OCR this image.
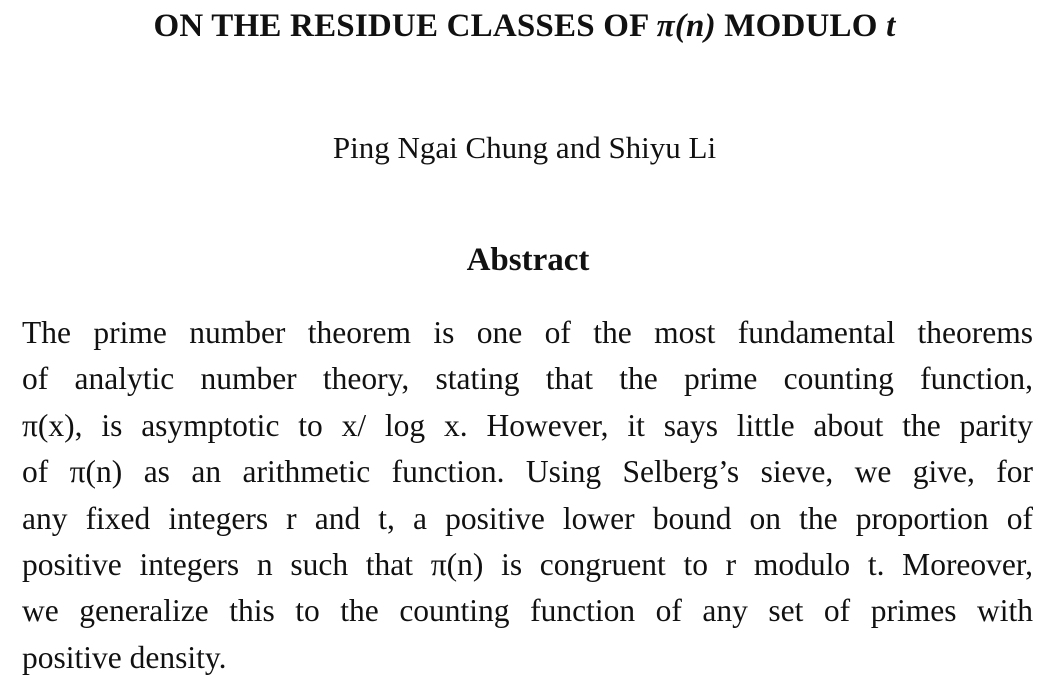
ON THE RESIDUE CLASSES OF π(n) MODULO t
Ping Ngai Chung and Shiyu Li
Abstract
The prime number theorem is one of the most fundamental theorems
of analytic number theory, stating that the prime counting function,
π(x), is asymptotic to x/ log x. However, it says little about the parity
of π(n) as an arithmetic function. Using Selberg’s sieve, we give, for
any fixed integers r and t, a positive lower bound on the proportion of
positive integers n such that π(n) is congruent to r modulo t. Moreover,
we generalize this to the counting function of any set of primes with
positive density.
